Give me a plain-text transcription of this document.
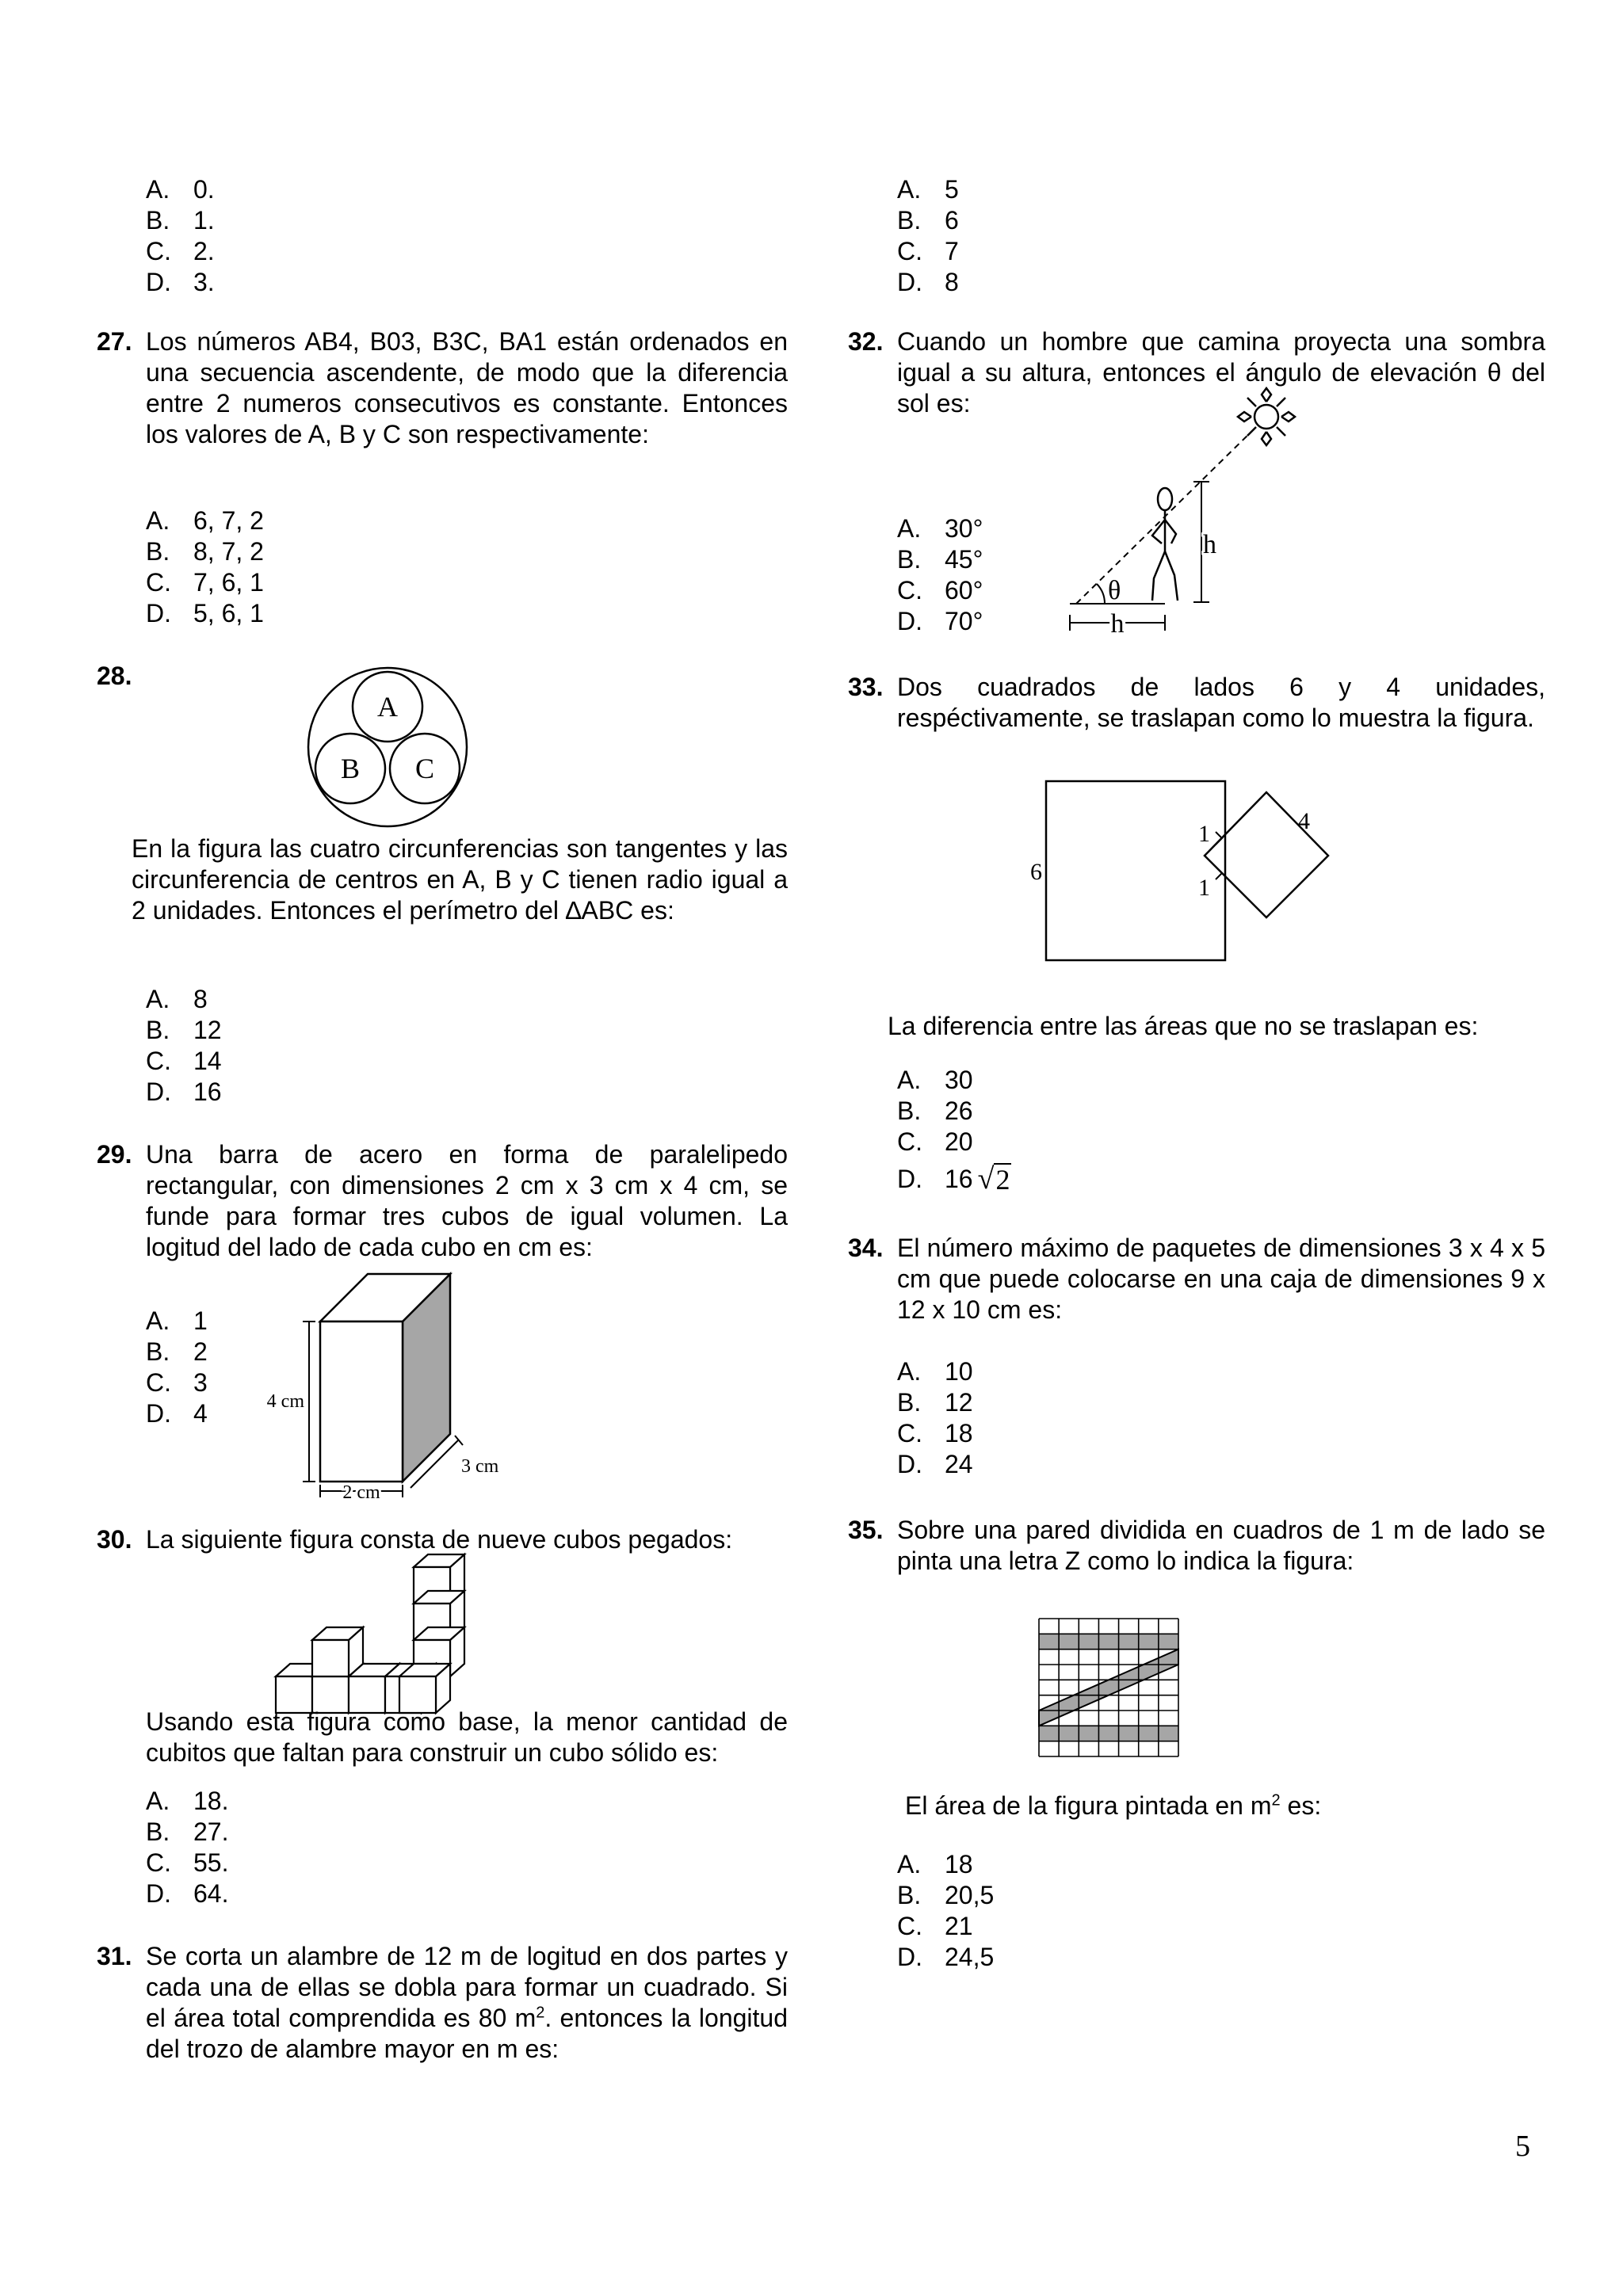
A. 0.
B. 1.
C. 2.
D. 3.
27. Los números AB4, B03, B3C, BA1 están ordenados en una secuencia ascendente, de modo que la diferencia entre 2 numeros consecutivos es constante. Entonces los valores de A, B y C son respectivamente:
A. 6, 7, 2
B. 8, 7, 2
C. 7, 6, 1
D. 5, 6, 1
28.
A
B C
En la figura las cuatro circunferencias son tangentes y las circunferencia de centros en A, B y C tienen radio igual a 2 unidades. Entonces el perímetro del ∆ABC es:
A. 8
B. 12
C. 14
D. 16
29. Una barra de acero en forma de paralelipedo rectangular, con dimensiones 2 cm x 3 cm x 4 cm, se funde para formar tres cubos de igual volumen. La logitud del lado de cada cubo en cm es:
A. 1
B. 2
C. 3
D. 4	4 cm
2 cm
3 cm
30. La siguiente figura consta de nueve cubos pegados:
Usando esta figura como base, la menor cantidad de cubitos que faltan para construir un cubo sólido es:
A. 18.
B. 27.
C. 55.
D. 64.
31. Se corta un alambre de 12 m de logitud en dos partes y cada una de ellas se dobla para formar un cuadrado. Si el área total comprendida es 80 $m^2$. entonces la longitud del trozo de alambre mayor en m es:
A. 5
B. 6
C. 7
D. 8
32. Cuando un hombre que camina proyecta una sombra igual a su altura, entonces el ángulo de elevación θ del sol es:
A. 30°
B. 45°
C. 60°
D. 70°
θ
h
h
33. Dos cuadrados de lados 6 y 4 unidades, respéctivamente, se traslapan como lo muestra la figura.
6
4
1
1
La diferencia entre las áreas que no se traslapan es:
A. 30
B. 26
C. 20
D. 16 √ 2
34. El número máximo de paquetes de dimensiones 3 x 4 x 5 cm que puede colocarse en una caja de dimensiones 9 x 12 x 10 cm es:
A. 10
B. 12
C. 18
D. 24
35. Sobre una pared dividida en cuadros de 1 m de lado se pinta una letra Z como lo indica la figura:
El área de la figura pintada en $m^2$ es:
A. 18
B. 20,5
C. 21
D. 24,5
5
